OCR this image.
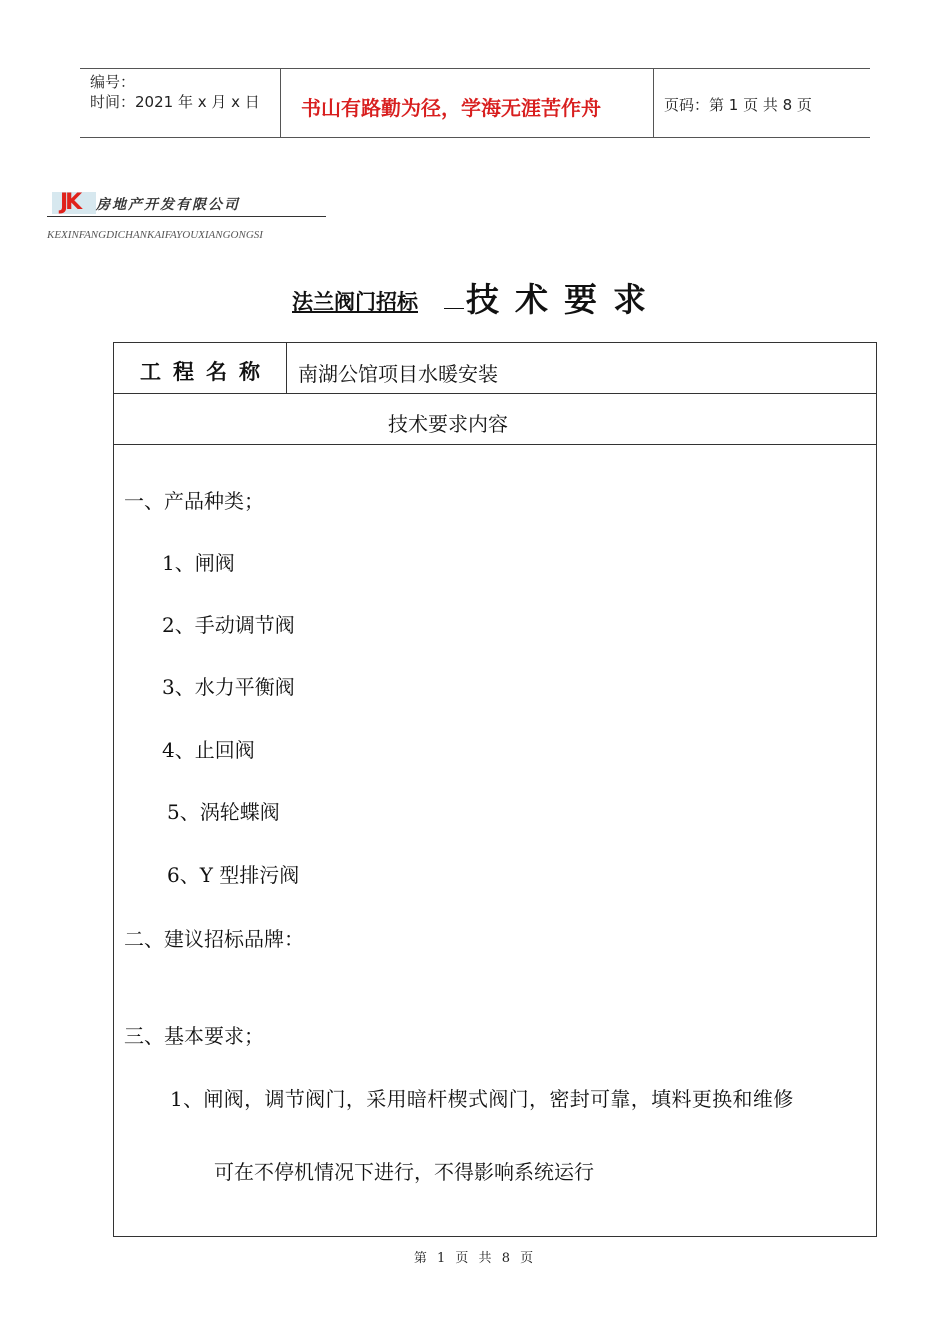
编号：
时间：2021 年 x 月 x 日 书山有路勤为径，学海无涯苦作舟	页码：第 1 页 共 8 页
JK 房地产开发有限公司
KEXINFANGDICHANKAIFAYOUXIANGONGSI
法兰阀门招标 技术要求
工程名称 南湖公馆项目水暖安装
技术要求内容
一、产品种类；
1、闸阀
2、手动调节阀
3、水力平衡阀
4、止回阀
5、涡轮蝶阀
6、Y 型排污阀
二、建议招标品牌：
三、基本要求；
1、闸阀，调节阀门，采用暗杆楔式阀门，密封可靠，填料更换和维修
可在不停机情况下进行，不得影响系统运行
第 1 页 共 8 页
